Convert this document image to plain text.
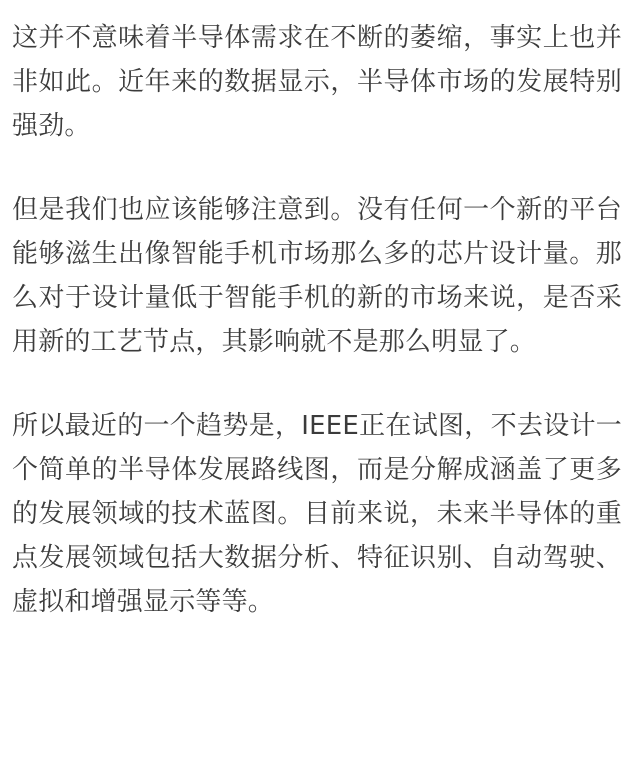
这并不意味着半导体需求在不断的萎缩，事实上也并非如此。近年来的数据显示，半导体市场的发展特别强劲。

但是我们也应该能够注意到。没有任何一个新的平台能够滋生出像智能手机市场那么多的芯片设计量。那么对于设计量低于智能手机的新的市场来说，是否采用新的工艺节点，其影响就不是那么明显了。

所以最近的一个趋势是，IEEE正在试图，不去设计一个简单的半导体发展路线图，而是分解成涵盖了更多的发展领域的技术蓝图。目前来说，未来半导体的重点发展领域包括大数据分析、特征识别、自动驾驶、虚拟和增强显示等等。
